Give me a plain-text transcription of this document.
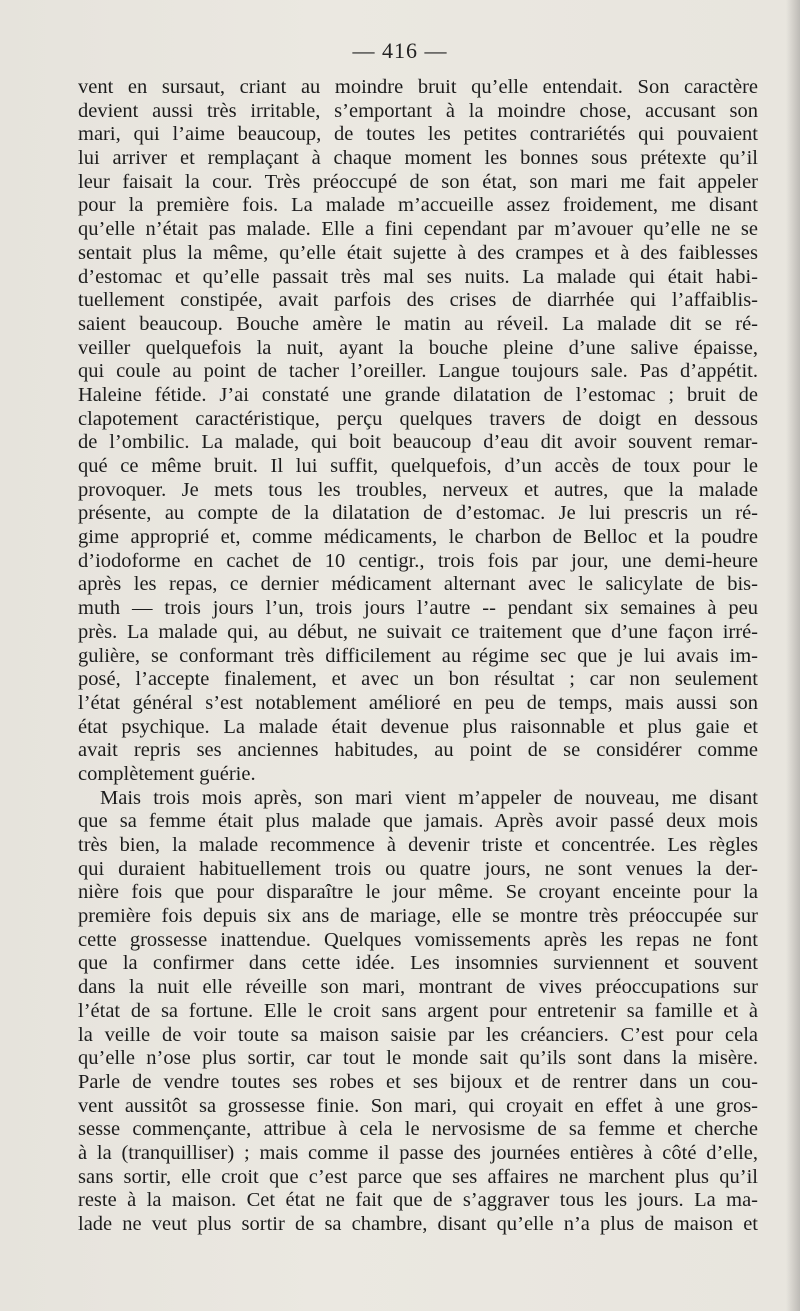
— 416 —
vent en sursaut, criant au moindre bruit qu’elle entendait. Son caractère
devient aussi très irritable, s’emportant à la moindre chose, accusant son
mari, qui l’aime beaucoup, de toutes les petites contrariétés qui pouvaient
lui arriver et remplaçant à chaque moment les bonnes sous prétexte qu’il
leur faisait la cour. Très préoccupé de son état, son mari me fait appeler
pour la première fois. La malade m’accueille assez froidement, me disant
qu’elle n’était pas malade. Elle a fini cependant par m’avouer qu’elle ne se
sentait plus la même, qu’elle était sujette à des crampes et à des faiblesses
d’estomac et qu’elle passait très mal ses nuits. La malade qui était habi-
tuellement constipée, avait parfois des crises de diarrhée qui l’affaiblis-
saient beaucoup. Bouche amère le matin au réveil. La malade dit se ré-
veiller quelquefois la nuit, ayant la bouche pleine d’une salive épaisse,
qui coule au point de tacher l’oreiller. Langue toujours sale. Pas d’appétit.
Haleine fétide. J’ai constaté une grande dilatation de l’estomac ; bruit de
clapotement caractéristique, perçu quelques travers de doigt en dessous
de l’ombilic. La malade, qui boit beaucoup d’eau dit avoir souvent remar-
qué ce même bruit. Il lui suffit, quelquefois, d’un accès de toux pour le
provoquer. Je mets tous les troubles, nerveux et autres, que la malade
présente, au compte de la dilatation de d’estomac. Je lui prescris un ré-
gime approprié et, comme médicaments, le charbon de Belloc et la poudre
d’iodoforme en cachet de 10 centigr., trois fois par jour, une demi-heure
après les repas, ce dernier médicament alternant avec le salicylate de bis-
muth — trois jours l’un, trois jours l’autre -- pendant six semaines à peu
près. La malade qui, au début, ne suivait ce traitement que d’une façon irré-
gulière, se conformant très difficilement au régime sec que je lui avais im-
posé, l’accepte finalement, et avec un bon résultat ; car non seulement
l’état général s’est notablement amélioré en peu de temps, mais aussi son
état psychique. La malade était devenue plus raisonnable et plus gaie et
avait repris ses anciennes habitudes, au point de se considérer comme
complètement guérie.
Mais trois mois après, son mari vient m’appeler de nouveau, me disant
que sa femme était plus malade que jamais. Après avoir passé deux mois
très bien, la malade recommence à devenir triste et concentrée. Les règles
qui duraient habituellement trois ou quatre jours, ne sont venues la der-
nière fois que pour disparaître le jour même. Se croyant enceinte pour la
première fois depuis six ans de mariage, elle se montre très préoccupée sur
cette grossesse inattendue. Quelques vomissements après les repas ne font
que la confirmer dans cette idée. Les insomnies surviennent et souvent
dans la nuit elle réveille son mari, montrant de vives préoccupations sur
l’état de sa fortune. Elle le croit sans argent pour entretenir sa famille et à
la veille de voir toute sa maison saisie par les créanciers. C’est pour cela
qu’elle n’ose plus sortir, car tout le monde sait qu’ils sont dans la misère.
Parle de vendre toutes ses robes et ses bijoux et de rentrer dans un cou-
vent aussitôt sa grossesse finie. Son mari, qui croyait en effet à une gros-
sesse commençante, attribue à cela le nervosisme de sa femme et cherche
à la (tranquilliser) ; mais comme il passe des journées entières à côté d’elle,
sans sortir, elle croit que c’est parce que ses affaires ne marchent plus qu’il
reste à la maison. Cet état ne fait que de s’aggraver tous les jours. La ma-
lade ne veut plus sortir de sa chambre, disant qu’elle n’a plus de maison et
